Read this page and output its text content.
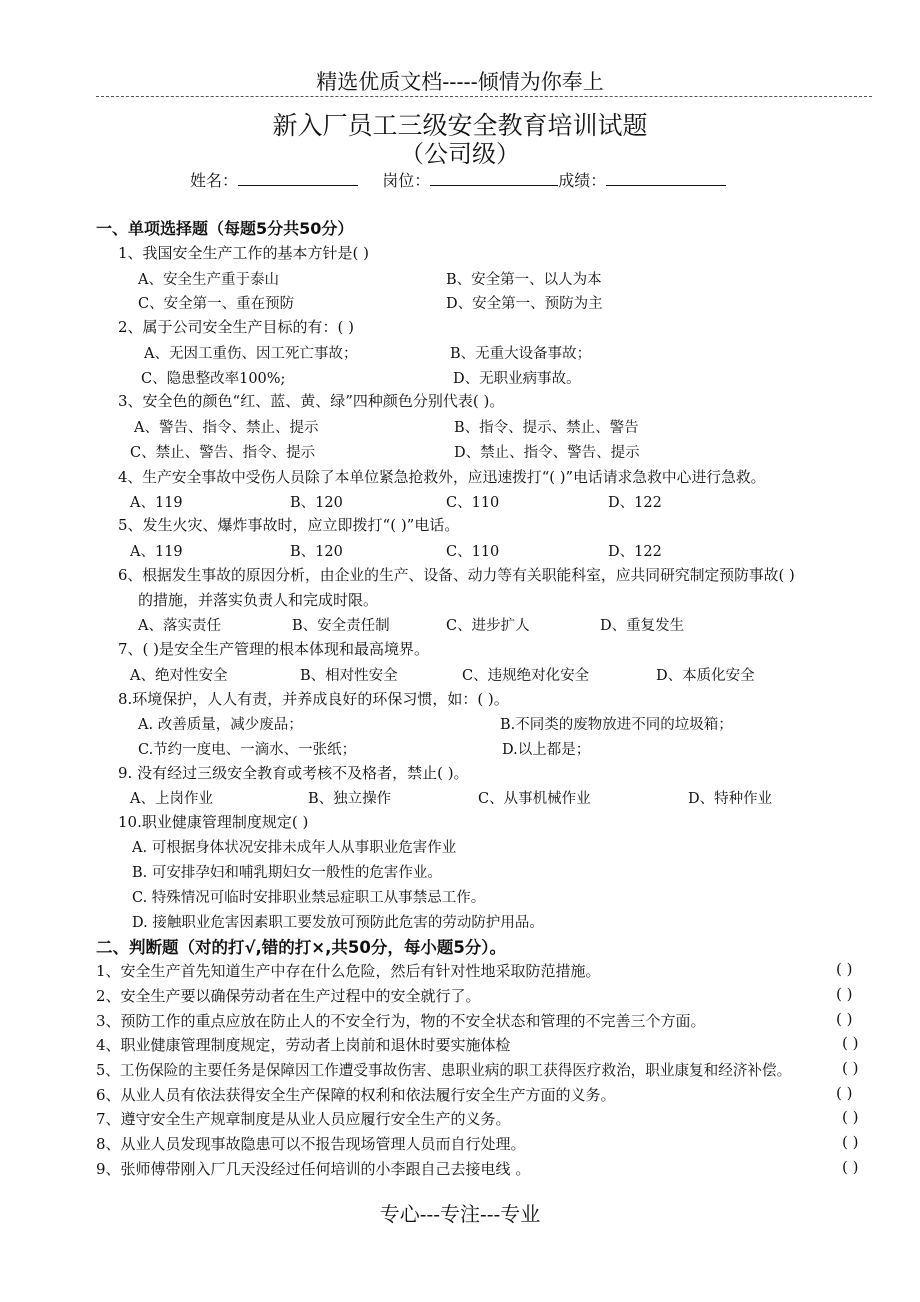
精选优质文档-----倾情为你奉上
新入厂员工三级安全教育培训试题
（公司级）
姓名：	岗位：	成绩：
一、单项选择题（每题5分共50分）
1、我国安全生产工作的基本方针是( )
A、安全生产重于泰山	B、安全第一、以人为本
C、安全第一、重在预防	D、安全第一、预防为主
2、属于公司安全生产目标的有：( )
A、无因工重伤、因工死亡事故；	B、无重大设备事故；
C、隐患整改率100%;	D、无职业病事故。
3、安全色的颜色“红、蓝、黄、绿”四种颜色分别代表( )。
A、警告、指令、禁止、提示	B、指令、提示、禁止、警告
C、禁止、警告、指令、提示	D、禁止、指令、警告、提示
4、生产安全事故中受伤人员除了本单位紧急抢救外，应迅速拨打“( )”电话请求急救中心进行急救。
A、119	B、120	C、110	D、122
5、发生火灾、爆炸事故时，应立即拨打“( )”电话。
A、119	B、120	C、110	D、122
6、根据发生事故的原因分析，由企业的生产、设备、动力等有关职能科室，应共同研究制定预防事故( )
的措施，并落实负责人和完成时限。
A、落实责任	B、安全责任制	C、进步扩人	D、重复发生
7、( )是安全生产管理的根本体现和最高境界。
A、绝对性安全	B、相对性安全	C、违规绝对化安全	D、本质化安全
8.环境保护，人人有责，并养成良好的环保习惯，如：( )。
A. 改善质量，减少废品；	B.不同类的废物放进不同的垃圾箱；
C.节约一度电、一滴水、一张纸；	D.以上都是；
9. 没有经过三级安全教育或考核不及格者，禁止( )。
A、上岗作业	B、独立操作	C、从事机械作业	D、特种作业
10.职业健康管理制度规定( )
A. 可根据身体状况安排未成年人从事职业危害作业
B. 可安排孕妇和哺乳期妇女一般性的危害作业。
C. 特殊情况可临时安排职业禁忌症职工从事禁忌工作。
D. 接触职业危害因素职工要发放可预防此危害的劳动防护用品。
二、判断题（对的打√,错的打×,共50分，每小题5分）。
1、安全生产首先知道生产中存在什么危险，然后有针对性地采取防范措施。	( )
2、安全生产要以确保劳动者在生产过程中的安全就行了。	( )
3、预防工作的重点应放在防止人的不安全行为，物的不安全状态和管理的不完善三个方面。	( )
4、职业健康管理制度规定，劳动者上岗前和退休时要实施体检	( )
5、工伤保险的主要任务是保障因工作遭受事故伤害、患职业病的职工获得医疗救治，职业康复和经济补偿。	( )
6、从业人员有依法获得安全生产保障的权利和依法履行安全生产方面的义务。	( )
7、遵守安全生产规章制度是从业人员应履行安全生产的义务。	( )
8、从业人员发现事故隐患可以不报告现场管理人员而自行处理。	( )
9、张师傅带刚入厂几天没经过任何培训的小李跟自己去接电线 。	( )
专心---专注---专业
